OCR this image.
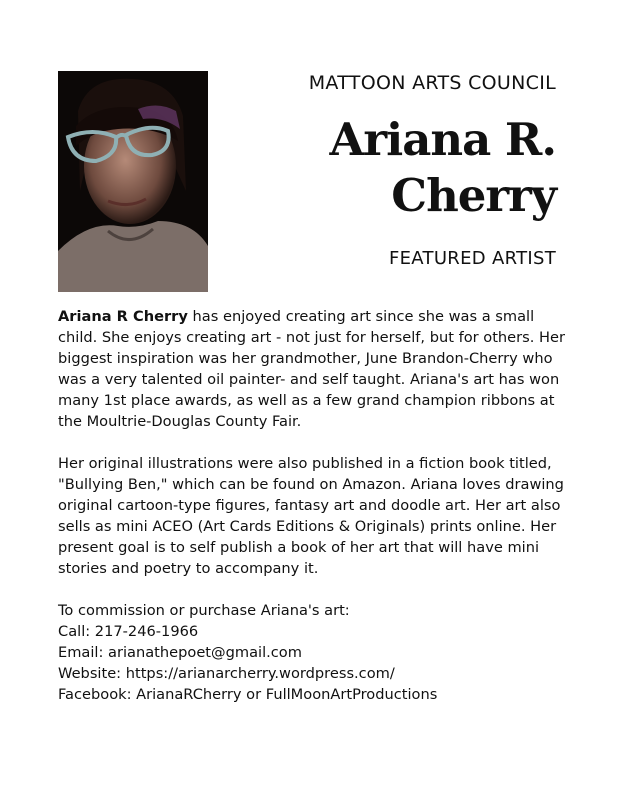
MATTOON ARTS COUNCIL
Ariana R.
Cherry
FEATURED ARTIST

Ariana R Cherry has enjoyed creating art since she was a small child. She enjoys creating art - not just for herself, but for others. Her biggest inspiration was her grandmother, June Brandon-Cherry who was a very talented oil painter- and self taught. Ariana's art has won many 1st place awards, as well as a few grand champion ribbons at the Moultrie-Douglas County Fair.

Her original illustrations were also published in a fiction book titled, "Bullying Ben," which can be found on Amazon. Ariana loves drawing original cartoon-type figures, fantasy art and doodle art. Her art also sells as mini ACEO (Art Cards Editions & Originals) prints online. Her present goal is to self publish a book of her art that will have mini stories and poetry to accompany it.

To commission or purchase Ariana's art:
Call: 217-246-1966
Email: arianathepoet@gmail.com
Website: https://arianarcherry.wordpress.com/
Facebook: ArianaRCherry or FullMoonArtProductions
